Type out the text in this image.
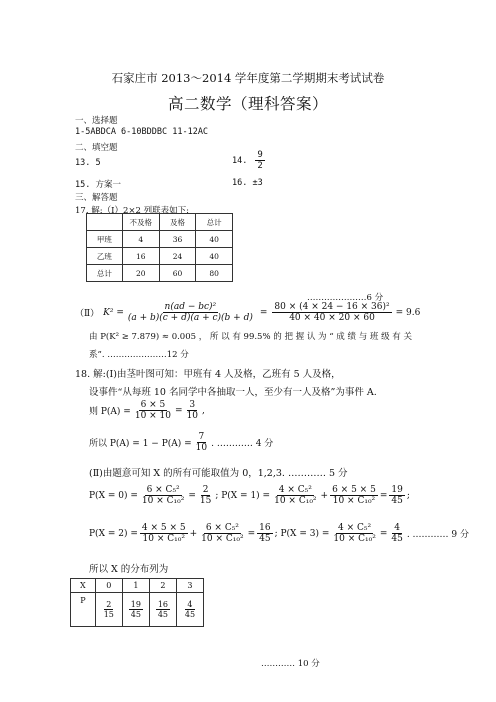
石家庄市 2013～2014 学年度第二学期期末考试试卷
高二数学（理科答案）
一、选择题
1-5ABDCA 6-10BDDBC 11-12AC
二、填空题
13. 5	14. $\frac{9}{2}$
15. 方案一	16. ±3
三、解答题
17. 解:（Ⅰ）2×2 列联表如下:
	不及格	及格	总计
甲班	4	36	40
乙班	16	24	40
总计	20	60	80
…………………6 分
（Ⅱ） $K^2 = \frac{\text{n(ad − bc)²}}{(a + b)(c + d)(a + c)(b + d)} = \frac{\text{80 × (4 × 24 − 16 × 36)²}}{40 \times 40 \times 20 \times 60} = 9.6$
由 P(K² ≥ 7.879) ≈ 0.005 ， 所 以 有 99.5% 的 把 握 认 为 “ 成 绩 与 班 级 有 关
系”. …………………12 分
18. 解:(Ⅰ)由茎叶图可知：甲班有 4 人及格，乙班有 5 人及格，
设事件“从每班 10 名同学中各抽取一人，至少有一人及格”为事件 A.
则 $P(A) = \frac{6 \times 5}{10 \times 10} = \frac{3}{10}$ ,
所以 $P(A) = 1 - P(A) = \frac{7}{10}$ . ………… 4 分
(Ⅱ)由题意可知 X 的所有可能取值为 0，1,2,3. ………… 5 分
$P(X = 0) = \frac{\text{6 × C₅²}}{\text{10 × C₁₀²}} = \frac{2}{15}$ ; $P(X = 1) = \frac{\text{4 × C₅²}}{\text{10 × C₁₀²}} + \frac{6 \times 5 \times 5}{\text{10 × C₁₀²}} = \frac{19}{45}$ ;
$P(X = 2) = \frac{4 \times 5 \times 5}{\text{10 × C₁₀²}} + \frac{\text{6 × C₅²}}{\text{10 × C₁₀²}} = \frac{16}{45}$ ; $P(X = 3) = \frac{\text{4 × C₅²}}{\text{10 × C₁₀²}} = \frac{4}{45}$ . ………… 9 分
所以 X 的分布列为
X	0	1	2	3
P	$\frac{2}{15}$	$\frac{19}{45}$	$\frac{16}{45}$	$\frac{4}{45}$
………… 10 分
